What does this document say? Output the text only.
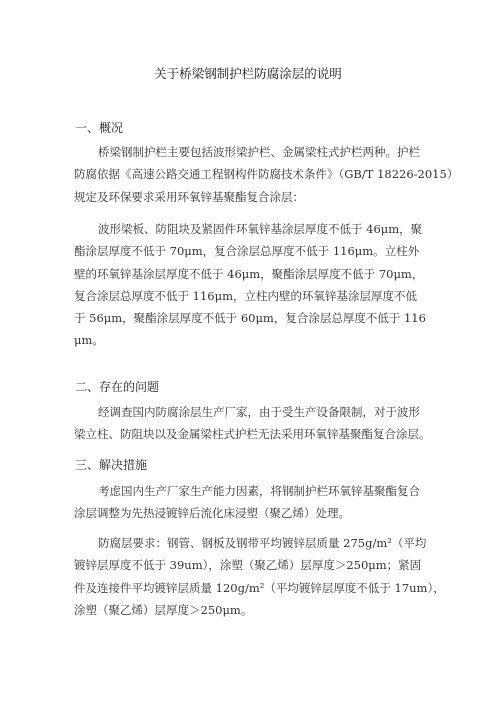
关于桥梁钢制护栏防腐涂层的说明
一、概况
桥梁钢制护栏主要包括波形梁护栏、金属梁柱式护栏两种。护栏
防腐依据《高速公路交通工程钢构件防腐技术条件》（GB/T 18226-2015）
规定及环保要求采用环氧锌基聚酯复合涂层：
波形梁板、防阻块及紧固件环氧锌基涂层厚度不低于 46μm，聚
酯涂层厚度不低于 70μm，复合涂层总厚度不低于 116μm。立柱外
壁的环氧锌基涂层厚度不低于 46μm，聚酯涂层厚度不低于 70μm，
复合涂层总厚度不低于 116μm，立柱内壁的环氧锌基涂层厚度不低
于 56μm，聚酯涂层厚度不低于 60μm，复合涂层总厚度不低于 116
μm。
二、存在的问题
经调查国内防腐涂层生产厂家，由于受生产设备限制，对于波形
梁立柱、防阻块以及金属梁柱式护栏无法采用环氧锌基聚酯复合涂层。
三、解决措施
考虑国内生产厂家生产能力因素，将钢制护栏环氧锌基聚酯复合
涂层调整为先热浸镀锌后流化床浸塑（聚乙烯）处理。
防腐层要求：钢管、钢板及钢带平均镀锌层质量 275g/m²（平均
镀锌层厚度不低于 39um），涂塑（聚乙烯）层厚度＞250μm；紧固
件及连接件平均镀锌层质量 120g/m²（平均镀锌层厚度不低于 17um），
涂塑（聚乙烯）层厚度＞250μm。
